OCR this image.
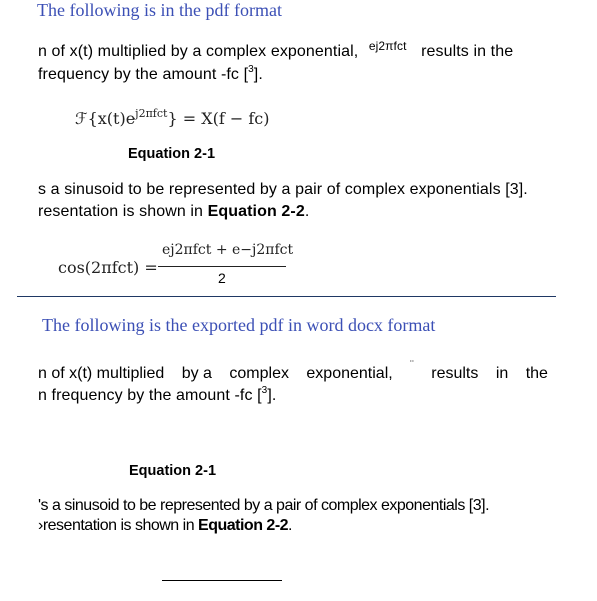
The following is in the pdf format
n of x(t) multiplied by a complex exponential, $^{ej2\pi fct}$ results in the
frequency by the amount -fc [$^3$].
$ℱ\{x(t)e^{j2\pi fct}\} = X(f - fc)$
Equation 2-1
s a sinusoid to be represented by a pair of complex exponentials [3].
resentation is shown in Equation 2-2.
cos(2πfct) =
ej2πfct + e−j2πfct
2
The following is the exported pdf in word docx format
n of x(t) multiplied by a complex exponential, ¨ results in the
n frequency by the amount -fc [$^3$].
Equation 2-1
's a sinusoid to be represented by a pair of complex exponentials [3].
›resentation is shown in Equation 2-2.
